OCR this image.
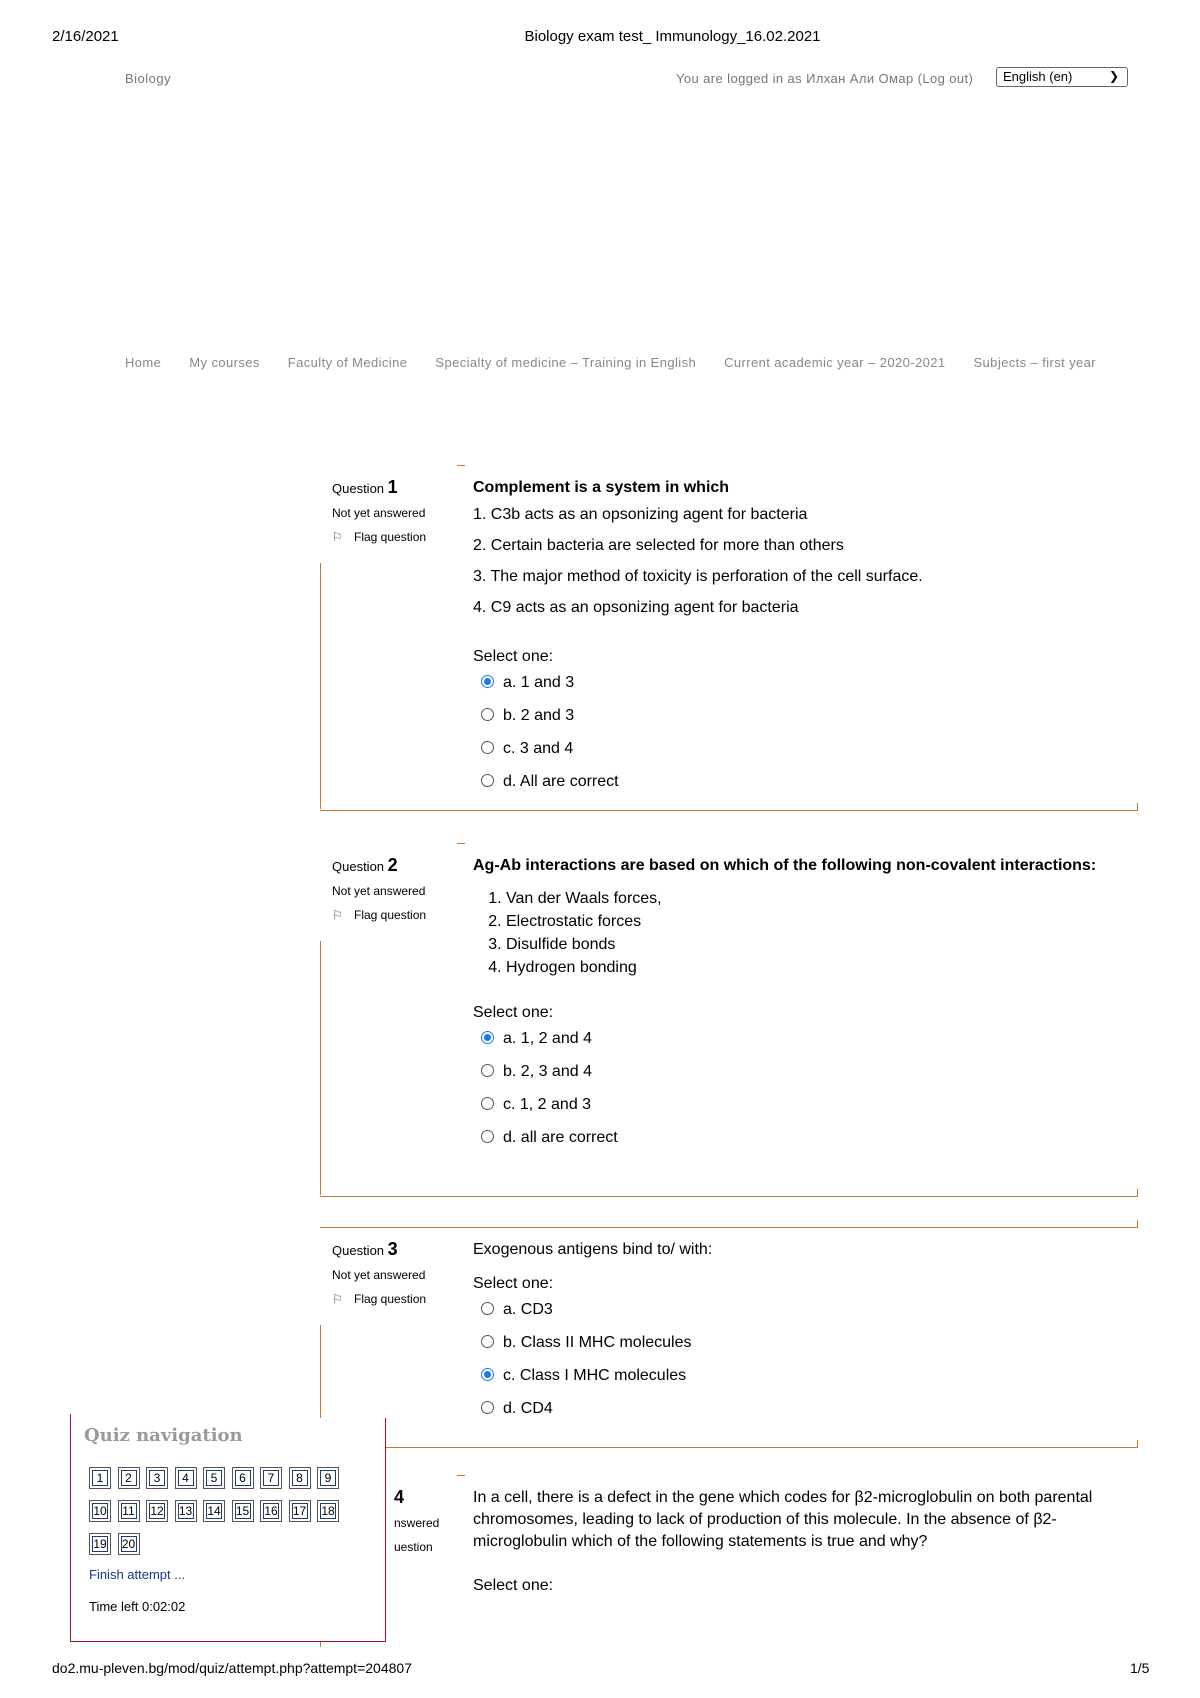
2/16/2021	Biology exam test_ Immunology_16.02.2021
do2.mu-pleven.bg/mod/quiz/attempt.php?attempt=204807	1/5
Biology	You are logged in as Илхан Али Омар (Log out)	English (en)	❯
Home My courses Faculty of Medicine Specialty of medicine – Training in English Current academic year – 2020-2021 Subjects – first year
Question 1
Not yet answered
⚐ Flag question
Complement is a system in which
1. C3b acts as an opsonizing agent for bacteria
2. Certain bacteria are selected for more than others
3. The major method of toxicity is perforation of the cell surface.
4. C9 acts as an opsonizing agent for bacteria
Select one:
a. 1 and 3
b. 2 and 3
c. 3 and 4
d. All are correct
Question 2
Not yet answered
⚐ Flag question
Ag-Ab interactions are based on which of the following non-covalent interactions:
1. Van der Waals forces,
2. Electrostatic forces
3. Disulfide bonds
4. Hydrogen bonding
Select one:
a. 1, 2 and 4
b. 2, 3 and 4
c. 1, 2 and 3
d. all are correct
Question 3
Not yet answered
⚐ Flag question
Exogenous antigens bind to/ with:
Select one:
a. CD3
b. Class II MHC molecules
c. Class I MHC molecules
d. CD4
4
nswered
uestion
In a cell, there is a defect in the gene which codes for β2-microglobulin on both parental chromosomes, leading to lack of production of this molecule. In the absence of β2-microglobulin which of the following statements is true and why?
Select one:
Quiz navigation
1	2	3	4	5	6	7	8	9
10	11	12	13	14	15	16	17	18
19	20
Finish attempt ...
Time left 0:02:02
